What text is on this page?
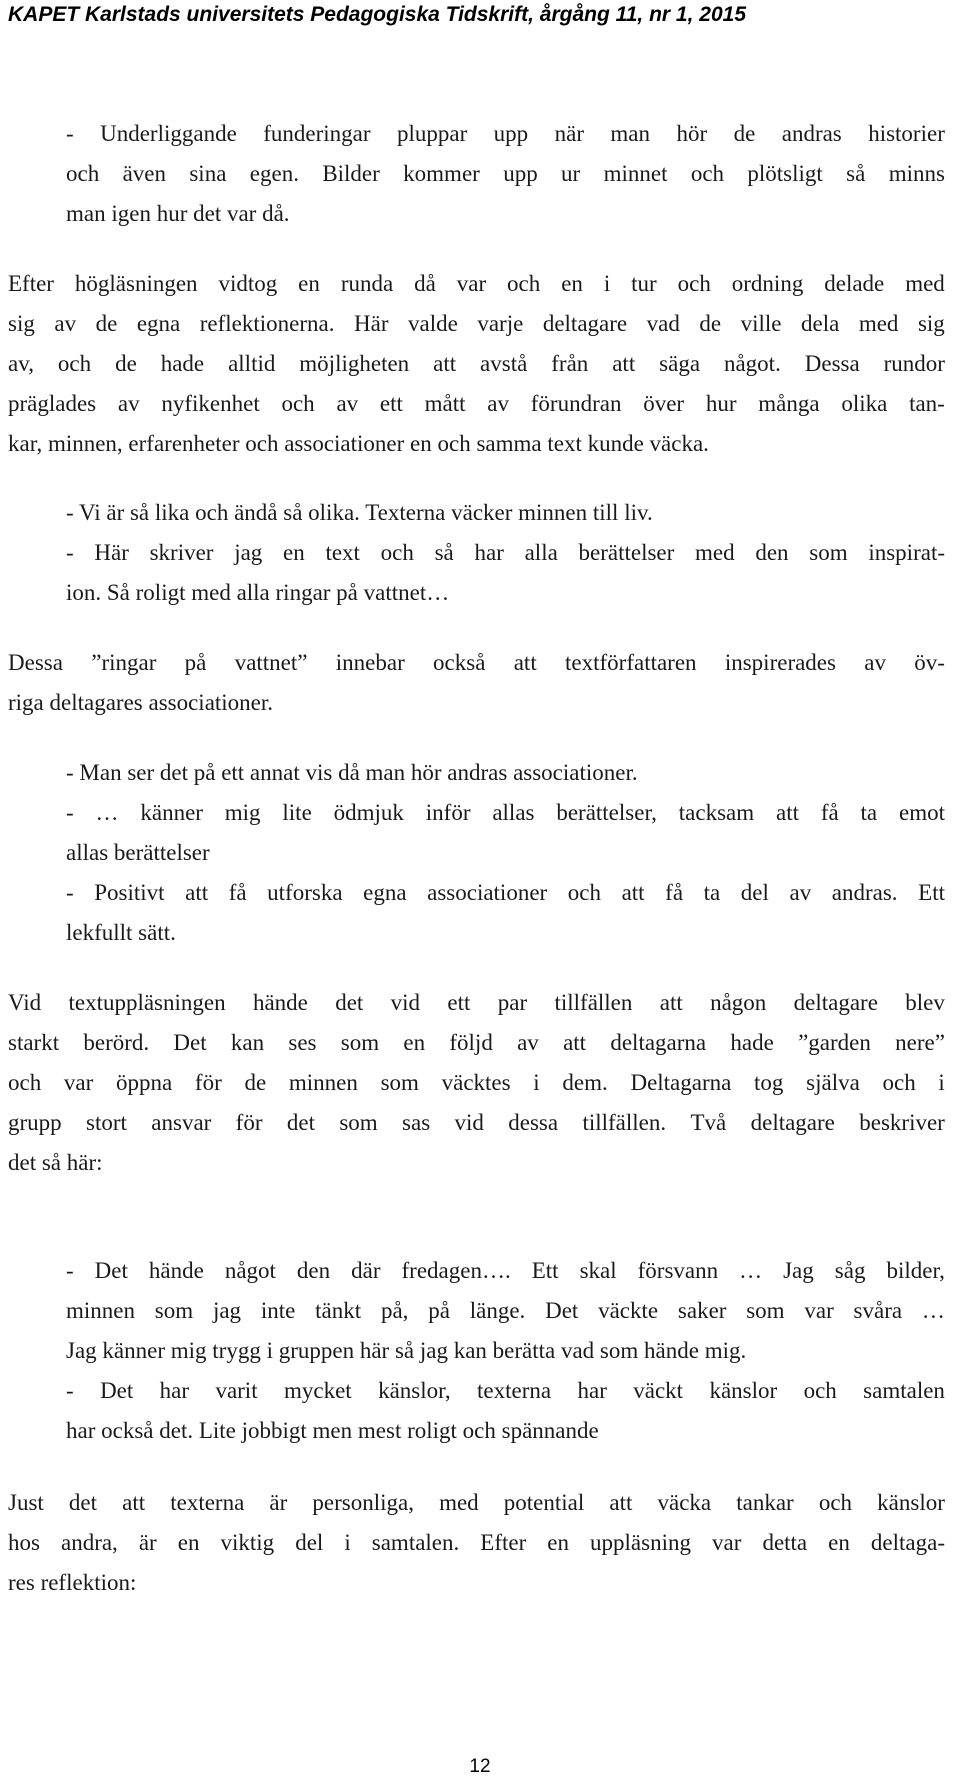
KAPET Karlstads universitets Pedagogiska Tidskrift, årgång 11, nr 1, 2015
- Underliggande funderingar pluppar upp när man hör de andras historier
och även sina egen. Bilder kommer upp ur minnet och plötsligt så minns
man igen hur det var då.
Efter högläsningen vidtog en runda då var och en i tur och ordning delade med
sig av de egna reflektionerna. Här valde varje deltagare vad de ville dela med sig
av, och de hade alltid möjligheten att avstå från att säga något. Dessa rundor
präglades av nyfikenhet och av ett mått av förundran över hur många olika tan-
kar, minnen, erfarenheter och associationer en och samma text kunde väcka.
- Vi är så lika och ändå så olika. Texterna väcker minnen till liv.
- Här skriver jag en text och så har alla berättelser med den som inspirat-
ion. Så roligt med alla ringar på vattnet…
Dessa ”ringar på vattnet” innebar också att textförfattaren inspirerades av öv-
riga deltagares associationer.
- Man ser det på ett annat vis då man hör andras associationer.
- … känner mig lite ödmjuk inför allas berättelser, tacksam att få ta emot
allas berättelser
- Positivt att få utforska egna associationer och att få ta del av andras. Ett
lekfullt sätt.
Vid textuppläsningen hände det vid ett par tillfällen att någon deltagare blev
starkt berörd. Det kan ses som en följd av att deltagarna hade ”garden nere”
och var öppna för de minnen som väcktes i dem. Deltagarna tog själva och i
grupp stort ansvar för det som sas vid dessa tillfällen. Två deltagare beskriver
det så här:
- Det hände något den där fredagen…. Ett skal försvann … Jag såg bilder,
minnen som jag inte tänkt på, på länge. Det väckte saker som var svåra …
Jag känner mig trygg i gruppen här så jag kan berätta vad som hände mig.
- Det har varit mycket känslor, texterna har väckt känslor och samtalen
har också det. Lite jobbigt men mest roligt och spännande
Just det att texterna är personliga, med potential att väcka tankar och känslor
hos andra, är en viktig del i samtalen. Efter en uppläsning var detta en deltaga-
res reflektion:
12
